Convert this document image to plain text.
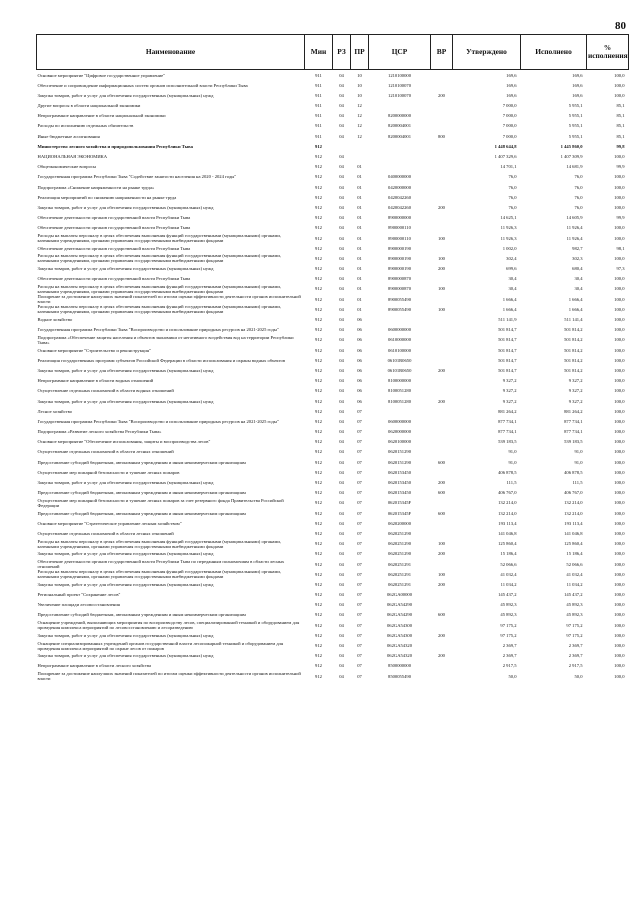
80
Наименование	Мин	РЗ	ПР	ЦСР	ВР	Утверждено	Исполнено	% исполнения
Основное мероприятие "Цифровое государственное управление"	911	04	10	1210100000		169,6	169,6	100,0
Обеспечение и сопровождение информационных систем органов исполнительной власти Республики Тыва	911	04	10	1210100070		169,6	169,6	100,0
Закупка товаров, работ и услуг для обеспечения государственных (муниципальных) нужд	911	04	10	1210100070	200	169,6	169,6	100,0
Другие вопросы в области национальной экономики	911	04	12			7 000,0	5 955,1	85,1
Непрограммное направление в области национальной экономики	911	04	12	8200000000		7 000,0	5 955,1	85,1
Расходы по исполнению отдельных обязательств	911	04	12	8200004001		7 000,0	5 955,1	85,1
Иные бюджетные ассигнования	911	04	12	8200004001	800	7 000,0	5 955,1	85,1
Министерство лесного хозяйства и природопользования Республики Тыва	912					1 448 644,8	1 445 860,0	99,8
НАЦИОНАЛЬНАЯ ЭКОНОМИКА	912	04				1 407 329,6	1 407 309,9	100,0
Общеэкономические вопросы	912	04	01			14 701,1	14 681,9	99,9
Государственная программа Республики Тыва "Содействие занятости населения на 2020 - 2024 годы"	912	04	01	0400000000		76,0	76,0	100,0
Подпрограмма «Снижение напряженности на рынке труда»	912	04	01	0420000000		76,0	76,0	100,0
Реализация мероприятий по снижению напряженности на рынке труда	912	04	01	0420042260		76,0	76,0	100,0
Закупка товаров, работ и услуг для обеспечения государственных (муниципальных) нужд	912	04	01	0420042260	200	76,0	76,0	100,0
Обеспечение деятельности органов государственной власти Республики Тыва	912	04	01	8900000000		14 625,1	14 605,9	99,9
Обеспечение деятельности органов государственной власти Республики Тыва	912	04	01	8900000110		11 926,3	11 926,4	100,0
Расходы на выплаты персоналу в целях обеспечения выполнения функций государственными (муниципальными) органами, казенными учреждениями, органами управления государственными внебюджетными фондами	912	04	01	8900000110	100	11 926,3	11 926,4	100,0
Обеспечение деятельности органов государственной власти Республики Тыва	912	04	01	8900000190		1 002,0	982,7	98,1
Расходы на выплаты персоналу в целях обеспечения выполнения функций государственными (муниципальными) органами, казенными учреждениями, органами управления государственными внебюджетными фондами	912	04	01	8900000190	100	302,4	302,3	100,0
Закупка товаров, работ и услуг для обеспечения государственных (муниципальных) нужд	912	04	01	8900000190	200	699,6	680,4	97,3
Обеспечение деятельности органов государственной власти Республики Тыва	912	04	01	8900000870		30,4	30,4	100,0
Расходы на выплаты персоналу в целях обеспечения выполнения функций государственными (муниципальными) органами, казенными учреждениями, органами управления государственными внебюджетными фондами	912	04	01	8900000870	100	30,4	30,4	100,0
Поощрение за достижение наилучших значений показателей по итогам оценки эффективности деятельности органов исполнительной власти	912	04	01	8900055490		1 666,4	1 666,4	100,0
Расходы на выплаты персоналу в целях обеспечения выполнения функций государственными (муниципальными) органами, казенными учреждениями, органами управления государственными внебюджетными фондами	912	04	01	8900055490	100	1 666,4	1 666,4	100,0
Водное хозяйство	912	04	06			511 141,9	511 141,4	100,0
Государственная программа Республики Тыва "Воспроизводство и использование природных ресурсов на 2021-2025 годы"	912	04	06	0600000000		501 814,7	501 814,2	100,0
Подпрограмма «Обеспечение защиты населения и объектов экономики от негативного воздействия вод на территории Республики Тыва»	912	04	06	0610000000		501 814,7	501 814,2	100,0
Основное мероприятие "Строительство и реконструкция"	912	04	06	0610100000		501 814,7	501 814,2	100,0
Реализация государственных программ субъектов Российской Федерации в области использования и охраны водных объектов	912	04	06	06101R0650		501 814,7	501 814,2	100,0
Закупка товаров, работ и услуг для обеспечения государственных (муниципальных) нужд	912	04	06	06101R0650	200	501 814,7	501 814,2	100,0
Непрограммное направление в области водных отношений	912	04	06	8100000000		9 327,2	9 327,2	100,0
Осуществление отдельных полномочий в области водных отношений	912	04	06	8100051280		9 327,2	9 327,2	100,0
Закупка товаров, работ и услуг для обеспечения государственных (муниципальных) нужд	912	04	06	8100051280	200	9 327,2	9 327,2	100,0
Лесное хозяйство	912	04	07			881 264,2	881 264,2	100,0
Государственная программа Республики Тыва "Воспроизводство и использование природных ресурсов на 2021-2025 годы"	912	04	07	0600000000		877 734,1	877 734,1	100,0
Подпрограмма «Развитие лесного хозяйства Республики Тыва»	912	04	07	0620000000		877 734,1	877 734,1	100,0
Основное мероприятие "Обеспечение использования, защиты и воспроизводства лесов"	912	04	07	0620100000		539 183,5	539 183,5	100,0
Осуществление отдельных полномочий в области лесных отношений	912	04	07	0620151290		91,0	91,0	100,0
Предоставление субсидий бюджетным, автономным учреждениям и иным некоммерческим организациям	912	04	07	0620151290	600	91,0	91,0	100,0
Осуществление мер пожарной безопасности и тушение лесных пожаров	912	04	07	0620153450		406 878,5	406 878,5	100,0
Закупка товаров, работ и услуг для обеспечения государственных (муниципальных) нужд	912	04	07	0620153450	200	111,5	111,5	100,0
Предоставление субсидий бюджетным, автономным учреждениям и иным некоммерческим организациям	912	04	07	0620153450	600	406 767,0	406 767,0	100,0
Осуществление мер пожарной безопасности и тушение лесных пожаров за счет резервного фонда Правительства Российской Федерации	912	04	07	062015345F		132 214,0	132 214,0	100,0
Предоставление субсидий бюджетным, автономным учреждениям и иным некоммерческим организациям	912	04	07	062015345F	600	132 214,0	132 214,0	100,0
Основное мероприятие "Стратегическое управление лесным хозяйством"	912	04	07	0620200000		193 113,4	193 113,4	100,0
Осуществление отдельных полномочий в области лесных отношений	912	04	07	0620251290		141 046,8	141 046,8	100,0
Расходы на выплаты персоналу в целях обеспечения выполнения функций государственными (муниципальными) органами, казенными учреждениями, органами управления государственными внебюджетными фондами	912	04	07	0620251290	100	125 860,4	125 860,4	100,0
Закупка товаров, работ и услуг для обеспечения государственных (муниципальных) нужд	912	04	07	0620251290	200	15 186,4	15 186,4	100,0
Обеспечение деятельности органов государственной власти Республики Тыва по переданным полномочиям в области лесных отношений	912	04	07	0620251291		52 066,6	52 066,6	100,0
Расходы на выплаты персоналу в целях обеспечения выполнения функций государственными (муниципальными) органами, казенными учреждениями, органами управления государственными внебюджетными фондами	912	04	07	0620251291	100	41 032,4	41 032,4	100,0
Закупка товаров, работ и услуг для обеспечения государственных (муниципальных) нужд	912	04	07	0620251291	200	11 034,2	11 034,2	100,0
Региональный проект "Сохранение лесов"	912	04	07	062GA00000		145 437,2	145 437,2	100,0
Увеличение площади лесовосстановления	912	04	07	062GA54290		45 892,3	45 892,3	100,0
Предоставление субсидий бюджетным, автономным учреждениям и иным некоммерческим организациям	912	04	07	062GA54290	600	45 892,3	45 892,3	100,0
Оснащение учреждений, выполняющих мероприятия по воспроизводству лесов, специализированной техникой и оборудованием для проведения комплекса мероприятий по лесовосстановлению и лесоразведению	912	04	07	062GA54300		97 175,2	97 175,2	100,0
Закупка товаров, работ и услуг для обеспечения государственных (муниципальных) нужд	912	04	07	062GA54300	200	97 175,2	97 175,2	100,0
Оснащение специализированных учреждений органов государственной власти лесопожарной техникой и оборудованием для проведения комплекса мероприятий по охране лесов от пожаров	912	04	07	062GA54320		2 369,7	2 369,7	100,0
Закупка товаров, работ и услуг для обеспечения государственных (муниципальных) нужд	912	04	07	062GA54320	200	2 369,7	2 369,7	100,0
Непрограммное направление в области лесного хозяйства	912	04	07	8500000000		2 917,5	2 917,5	100,0
Поощрение за достижение наилучших значений показателей по итогам оценки эффективности деятельности органов исполнительной власти	912	04	07	8500055490		50,0	50,0	100,0
